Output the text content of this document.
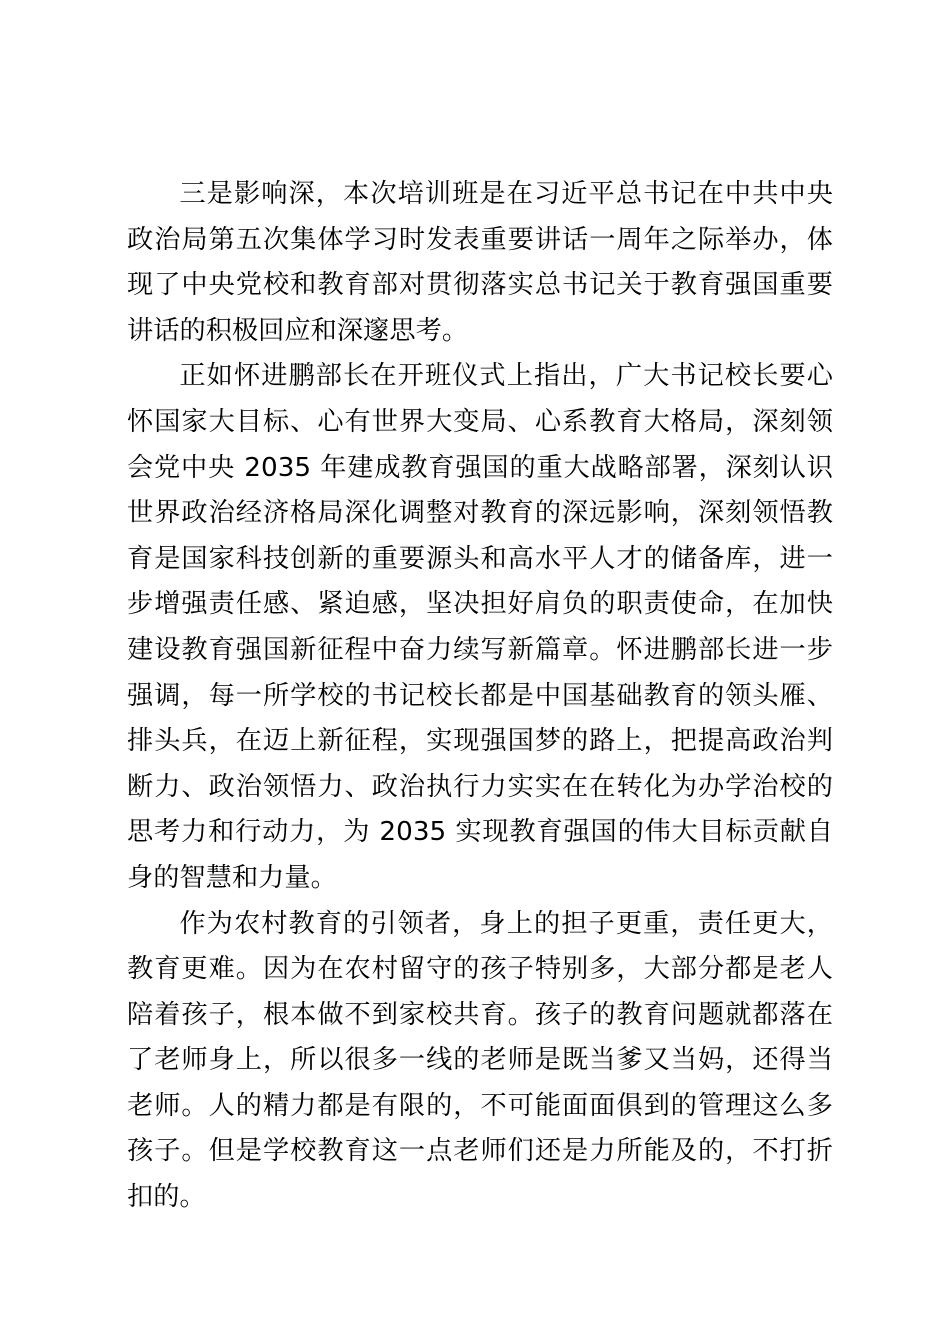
三是影响深，本次培训班是在习近平总书记在中共中央政治局第五次集体学习时发表重要讲话一周年之际举办，体现了中央党校和教育部对贯彻落实总书记关于教育强国重要讲话的积极回应和深邃思考。

正如怀进鹏部长在开班仪式上指出，广大书记校长要心怀国家大目标、心有世界大变局、心系教育大格局，深刻领会党中央 2035 年建成教育强国的重大战略部署，深刻认识世界政治经济格局深化调整对教育的深远影响，深刻领悟教育是国家科技创新的重要源头和高水平人才的储备库，进一步增强责任感、紧迫感，坚决担好肩负的职责使命，在加快建设教育强国新征程中奋力续写新篇章。怀进鹏部长进一步强调，每一所学校的书记校长都是中国基础教育的领头雁、排头兵，在迈上新征程，实现强国梦的路上，把提高政治判断力、政治领悟力、政治执行力实实在在转化为办学治校的思考力和行动力，为 2035 实现教育强国的伟大目标贡献自身的智慧和力量。

作为农村教育的引领者，身上的担子更重，责任更大，教育更难。因为在农村留守的孩子特别多，大部分都是老人陪着孩子，根本做不到家校共育。孩子的教育问题就都落在了老师身上，所以很多一线的老师是既当爹又当妈，还得当老师。人的精力都是有限的，不可能面面俱到的管理这么多孩子。但是学校教育这一点老师们还是力所能及的，不打折扣的。
